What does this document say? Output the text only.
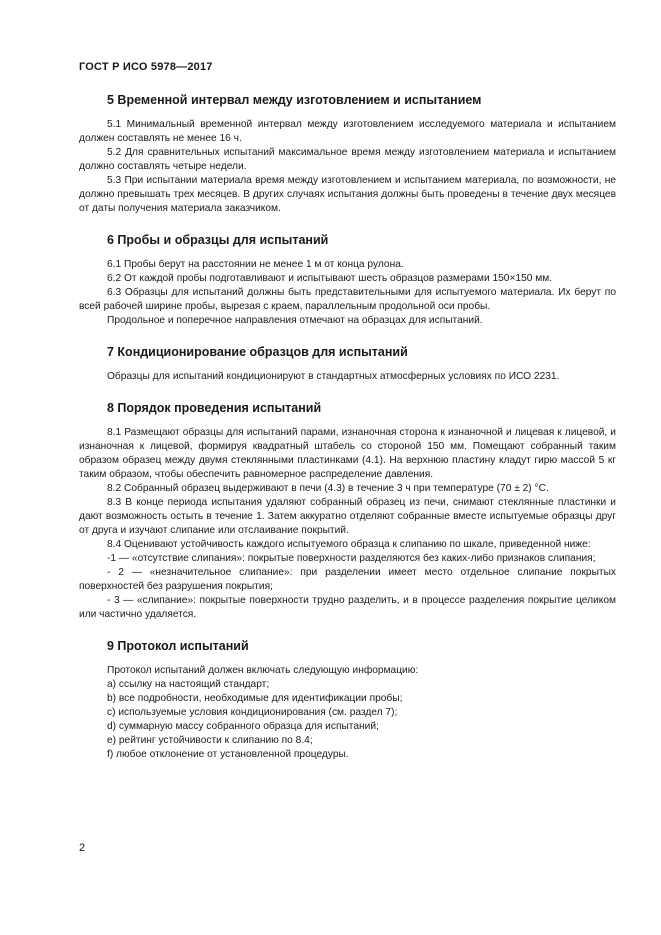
ГОСТ Р ИСО 5978—2017
5 Временной интервал между изготовлением и испытанием

5.1 Минимальный временной интервал между изготовлением исследуемого материала и испытанием должен составлять не менее 16 ч.

5.2 Для сравнительных испытаний максимальное время между изготовлением материала и испытанием должно составлять четыре недели.

5.3 При испытании материала время между изготовлением и испытанием материала, по возможности, не должно превышать трех месяцев. В других случаях испытания должны быть проведены в течение двух месяцев от даты получения материала заказчиком.

6 Пробы и образцы для испытаний

6.1 Пробы берут на расстоянии не менее 1 м от конца рулона.

6.2 От каждой пробы подготавливают и испытывают шесть образцов размерами 150×150 мм.

6.3 Образцы для испытаний должны быть представительными для испытуемого материала. Их берут по всей рабочей ширине пробы, вырезая с краем, параллельным продольной оси пробы.

Продольное и поперечное направления отмечают на образцах для испытаний.

7 Кондиционирование образцов для испытаний

Образцы для испытаний кондиционируют в стандартных атмосферных условиях по ИСО 2231.

8 Порядок проведения испытаний

8.1 Размещают образцы для испытаний парами, изнаночная сторона к изнаночной и лицевая к лицевой, и изнаночная к лицевой, формируя квадратный штабель со стороной 150 мм. Помещают собранный таким образом образец между двумя стеклянными пластинками (4.1). На верхнюю пластину кладут гирю массой 5 кг таким образом, чтобы обеспечить равномерное распределение давления.

8.2 Собранный образец выдерживают в печи (4.3) в течение 3 ч при температуре (70 ± 2) °С.

8.3 В конце периода испытания удаляют собранный образец из печи, снимают стеклянные пластинки и дают возможность остыть в течение 1. Затем аккуратно отделяют собранные вместе испытуемые образцы друг от друга и изучают слипание или отслаивание покрытий.

8.4 Оценивают устойчивость каждого испытуемого образца к слипанию по шкале, приведенной ниже:

-1 — «отсутствие слипания»: покрытые поверхности разделяются без каких-либо признаков слипания;

- 2 — «незначительное слипание»: при разделении имеет место отдельное слипание покрытых поверхностей без разрушения покрытия;

- 3 — «слипание»: покрытые поверхности трудно разделить, и в процессе разделения покрытие целиком или частично удаляется.

9 Протокол испытаний

Протокол испытаний должен включать следующую информацию:

a) ссылку на настоящий стандарт;

b) все подробности, необходимые для идентификации пробы;

c) используемые условия кондиционирования (см. раздел 7);

d) суммарную массу собранного образца для испытаний;

e) рейтинг устойчивости к слипанию по 8.4;

f) любое отклонение от установленной процедуры.

2
